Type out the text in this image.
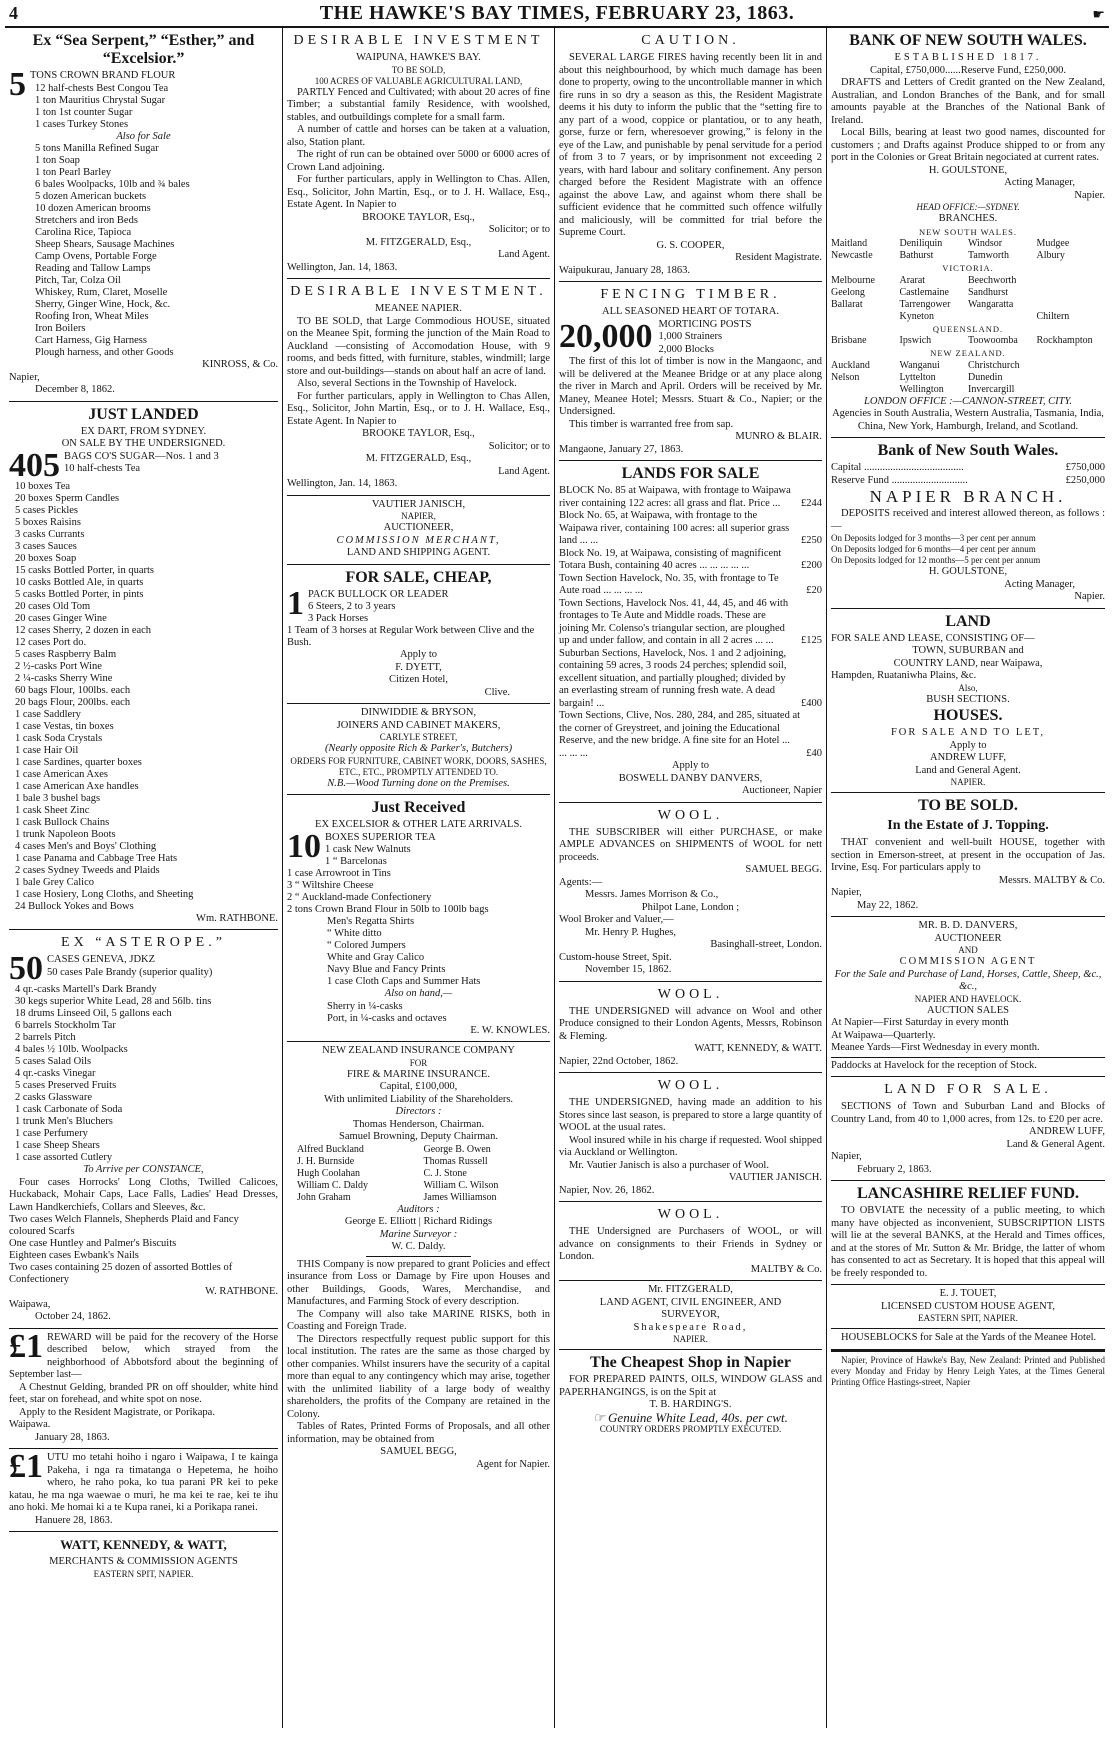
4	THE HAWKE'S BAY TIMES, FEBRUARY 23, 1863.	☛
Ex “Sea Serpent,” “Esther,” and “Excelsior.”
5 TONS CROWN BRAND FLOUR
12 half-chests Best Congou Tea
1 ton Mauritius Chrystal Sugar
1 ton 1st counter Sugar
1 cases Turkey Stones
Also for Sale
5 tons Manilla Refined Sugar
1 ton Soap
1 ton Pearl Barley
6 bales Woolpacks, 10lb and ¾ bales
5 dozen American buckets
10 dozen American brooms
Stretchers and iron Beds
Carolina Rice, Tapioca
Sheep Shears, Sausage Machines
Camp Ovens, Portable Forge
Reading and Tallow Lamps
Pitch, Tar, Colza Oil
Whiskey, Rum, Claret, Moselle
Sherry, Ginger Wine, Hock, &c.
Roofing Iron, Wheat Miles
Iron Boilers
Cart Harness, Gig Harness
Plough harness, and other Goods
KINROSS, & Co.
Napier,
December 8, 1862.
JUST LANDED
EX DART, FROM SYDNEY.
ON SALE BY THE UNDERSIGNED.
405 BAGS CO'S SUGAR—Nos. 1 and 3
10 half-chests Tea
10 boxes Tea
20 boxes Sperm Candles
5 cases Pickles
5 boxes Raisins
3 casks Currants
3 cases Sauces
20 boxes Soap
15 casks Bottled Porter, in quarts
10 casks Bottled Ale, in quarts
5 casks Bottled Porter, in pints
20 cases Old Tom
20 cases Ginger Wine
12 cases Sherry, 2 dozen in each
12 cases Port do.
5 cases Raspberry Balm
2 ½-casks Port Wine
2 ¼-casks Sherry Wine
60 bags Flour, 100lbs. each
20 bags Flour, 200lbs. each
1 case Saddlery
1 case Vestas, tin boxes
1 cask Soda Crystals
1 case Hair Oil
1 case Sardines, quarter boxes
1 case American Axes
1 case American Axe handles
1 bale 3 bushel bags
1 cask Sheet Zinc
1 cask Bullock Chains
1 trunk Napoleon Boots
4 cases Men's and Boys' Clothing
1 case Panama and Cabbage Tree Hats
2 cases Sydney Tweeds and Plaids
1 bale Grey Calico
1 case Hosiery, Long Cloths, and Sheeting
24 Bullock Yokes and Bows
Wm. RATHBONE.
EX “ASTEROPE.”
50 CASES GENEVA, JDKZ
50 cases Pale Brandy (superior quality)
4 qr.-casks Martell's Dark Brandy
30 kegs superior White Lead, 28 and 56lb. tins
18 drums Linseed Oil, 5 gallons each
6 barrels Stockholm Tar
2 barrels Pitch
4 bales ½ 10lb. Woolpacks
5 cases Salad Oils
4 qr.-casks Vinegar
5 cases Preserved Fruits
2 casks Glassware
1 cask Carbonate of Soda
1 trunk Men's Bluchers
1 case Perfumery
1 case Sheep Shears
1 case assorted Cutlery
To Arrive per CONSTANCE,

Four cases Horrocks' Long Cloths, Twilled Calicoes, Huckaback, Mohair Caps, Lace Falls, Ladies' Head Dresses, Lawn Handkerchiefs, Collars and Sleeves, &c.

Two cases Welch Flannels, Shepherds Plaid and Fancy coloured Scarfs
One case Huntley and Palmer's Biscuits
Eighteen cases Ewbank's Nails
Two cases containing 25 dozen of assorted Bottles of Confectionery
W. RATHBONE.
Waipawa,
October 24, 1862.

£1 REWARD will be paid for the recovery of the Horse described below, which strayed from the neighborhood of Abbotsford about the beginning of September last—

A Chestnut Gelding, branded PR on off shoulder, white hind feet, star on forehead, and white spot on nose.

Apply to the Resident Magistrate, or Porikapa.

Waipawa.
January 28, 1863.

£1 UTU mo tetahi hoiho i ngaro i Waipawa, I te kainga Pakeha, i nga ra timatanga o Hepetema, he hoiho whero, he raho poka, ko tua parani PR kei to peke katau, he ma nga waewae o muri, he ma kei te rae, kei te ihu ano hoki. Me homai ki a te Kupa ranei, ki a Porikapa ranei.

Hanuere 28, 1863.
WATT, KENNEDY, & WATT,
MERCHANTS & COMMISSION AGENTS
EASTERN SPIT, NAPIER.
DESIRABLE INVESTMENT
WAIPUNA, HAWKE'S BAY.
TO BE SOLD,
100 ACRES OF VALUABLE AGRICULTURAL LAND,

PARTLY Fenced and Cultivated; with about 20 acres of fine Timber; a substantial family Residence, with woolshed, stables, and outbuildings complete for a small farm.

A number of cattle and horses can be taken at a valuation, also, Station plant.

The right of run can be obtained over 5000 or 6000 acres of Crown Land adjoining.

For further particulars, apply in Wellington to Chas. Allen, Esq., Solicitor, John Martin, Esq., or to J. H. Wallace, Esq., Estate Agent. In Napier to

BROOKE TAYLOR, Esq.,
Solicitor; or to
M. FITZGERALD, Esq.,
Land Agent.
Wellington, Jan. 14, 1863.
DESIRABLE INVESTMENT.
MEANEE NAPIER.

TO BE SOLD, that Large Commodious HOUSE, situated on the Meanee Spit, forming the junction of the Main Road to Auckland —consisting of Accomodation House, with 9 rooms, and beds fitted, with furniture, stables, windmill; large store and out-buildings—stands on about half an acre of land.

Also, several Sections in the Township of Havelock.

For further particulars, apply in Wellington to Chas Allen, Esq., Solicitor, John Martin, Esq., or to J. H. Wallace, Esq., Estate Agent. In Napier to

BROOKE TAYLOR, Esq.,
Solicitor; or to
M. FITZGERALD, Esq.,
Land Agent.
Wellington, Jan. 14, 1863.
VAUTIER JANISCH,
NAPIER,
AUCTIONEER,
COMMISSION MERCHANT,
LAND AND SHIPPING AGENT.
FOR SALE, CHEAP,
1 PACK BULLOCK OR LEADER
6 Steers, 2 to 3 years
3 Pack Horses
1 Team of 3 horses at Regular Work between Clive and the Bush.
Apply to
F. DYETT,
Citizen Hotel,
Clive.
DINWIDDIE & BRYSON,
JOINERS AND CABINET MAKERS,
CARLYLE STREET,
(Nearly opposite Rich & Parker's, Butchers)
ORDERS FOR FURNITURE, CABINET WORK, DOORS, SASHES, ETC., ETC., PROMPTLY ATTENDED TO.
N.B.—Wood Turning done on the Premises.
Just Received
EX EXCELSIOR & OTHER LATE ARRIVALS.
10 BOXES SUPERIOR TEA
1 cask New Walnuts
1 “ Barcelonas
1 case Arrowroot in Tins
3 “ Wiltshire Cheese
2 “ Auckland-made Confectionery
2 tons Crown Brand Flour in 50lb to 100lb bags
Men's Regatta Shirts
“ White ditto
“ Colored Jumpers
White and Gray Calico
Navy Blue and Fancy Prints
1 case Cloth Caps and Summer Hats
Also on hand,—
Sherry in ¼-casks
Port, in ¼-casks and octaves
E. W. KNOWLES.
NEW ZEALAND INSURANCE COMPANY
FOR
FIRE & MARINE INSURANCE.
Capital, £100,000,
With unlimited Liability of the Shareholders.
Directors :
Thomas Henderson, Chairman.
Samuel Browning, Deputy Chairman.
Alfred Buckland	George B. Owen
J. H. Burnside	Thomas Russell
Hugh Coolahan	C. J. Stone
William C. Daldy	William C. Wilson
John Graham	James Williamson
Auditors :
George E. Elliott | Richard Ridings
Marine Surveyor :
W. C. Daldy.

THIS Company is now prepared to grant Policies and effect insurance from Loss or Damage by Fire upon Houses and other Buildings, Goods, Wares, Merchandise, and Manufactures, and Farming Stock of every description.

The Company will also take MARINE RISKS, both in Coasting and Foreign Trade.

The Directors respectfully request public support for this local institution. The rates are the same as those charged by other companies. Whilst insurers have the security of a capital more than equal to any contingency which may arise, together with the unlimited liability of a large body of wealthy shareholders, the profits of the Company are retained in the Colony.

Tables of Rates, Printed Forms of Proposals, and all other information, may be obtained from

SAMUEL BEGG,
Agent for Napier.
CAUTION.

SEVERAL LARGE FIRES having recently been lit in and about this neighbourhood, by which much damage has been done to property, owing to the uncontrollable manner in which fire runs in so dry a season as this, the Resident Magistrate deems it his duty to inform the public that the “setting fire to any part of a wood, coppice or plantatiou, or to any heath, gorse, furze or fern, wheresoever growing,” is felony in the eye of the Law, and punishable by penal servitude for a period of from 3 to 7 years, or by imprisonment not exceeding 2 years, with hard labour and solitary confinement. Any person charged before the Resident Magistrate with an offence against the above Law, and against whom there shall be sufficient evidence that he committed such offence wilfully and maliciously, will be committed for trial before the Supreme Court.

G. S. COOPER,
Resident Magistrate.
Waipukurau, January 28, 1863.
FENCING TIMBER.
ALL SEASONED HEART OF TOTARA.
20,000 MORTICING POSTS
1,000 Strainers
2,000 Blocks

The first of this lot of timber is now in the Mangaonc, and will be delivered at the Meanee Bridge or at any place along the river in March and April. Orders will be received by Mr. Maney, Meanee Hotel; Messrs. Stuart & Co., Napier; or the Undersigned.

This timber is warranted free from sap.

MUNRO & BLAIR.
Mangaone, January 27, 1863.
LANDS FOR SALE
BLOCK No. 85 at Waipawa, with frontage to Waipawa river containing 122 acres: all grass and flat. Price ...	£244
Block No. 65, at Waipawa, with frontage to the Waipawa river, containing 100 acres: all superior grass land ... ...	£250
Block No. 19, at Waipawa, consisting of magnificent Totara Bush, containing 40 acres ... ... ... ... ...	£200
Town Section Havelock, No. 35, with frontage to Te Aute road ... ... ... ...	£20
Town Sections, Havelock Nos. 41, 44, 45, and 46 with frontages to Te Aute and Middle roads. These are joining Mr. Colenso's triangular section, are ploughed up and under fallow, and contain in all 2 acres ... ...	£125
Suburban Sections, Havelock, Nos. 1 and 2 adjoining, containing 59 acres, 3 roods 24 perches; splendid soil, excellent situation, and partially ploughed; divided by an everlasting stream of running fresh wate. A dead bargain! ...	£400
Town Sections, Clive, Nos. 280, 284, and 285, situated at the corner of Greystreet, and joining the Educational Reserve, and the new bridge. A fine site for an Hotel ... ... ... ...	£40
Apply to
BOSWELL DANBY DANVERS,
Auctioneer, Napier
WOOL.

THE SUBSCRIBER will either PURCHASE, or make AMPLE ADVANCES on SHIPMENTS of WOOL for nett proceeds.

SAMUEL BEGG.
Agents:—
Messrs. James Morrison & Co.,
Philpot Lane, London ;
Wool Broker and Valuer,—
Mr. Henry P. Hughes,
Basinghall-street, London.
Custom-house Street, Spit.
November 15, 1862.
WOOL.

THE UNDERSIGNED will advance on Wool and other Produce consigned to their London Agents, Messrs, Robinson & Fleming.

WATT, KENNEDY, & WATT.
Napier, 22nd October, 1862.
WOOL.

THE UNDERSIGNED, having made an addition to his Stores since last season, is prepared to store a large quantity of WOOL at the usual rates.

Wool insured while in his charge if requested. Wool shipped via Auckland or Wellington.

Mr. Vautier Janisch is also a purchaser of Wool.

VAUTIER JANISCH.
Napier, Nov. 26, 1862.
WOOL.

THE Undersigned are Purchasers of WOOL, or will advance on consignments to their Friends in Sydney or London.

MALTBY & Co.
Mr. FITZGERALD,
LAND AGENT, CIVIL ENGINEER, AND
SURVEYOR,
Shakespeare Road,
NAPIER.
The Cheapest Shop in Napier

FOR PREPARED PAINTS, OILS, WINDOW GLASS and PAPERHANGINGS, is on the Spit at

T. B. HARDING'S.
☞ Genuine White Lead, 40s. per cwt.
COUNTRY ORDERS PROMPTLY EXECUTED.
BANK OF NEW SOUTH WALES.
ESTABLISHED 1817.
Capital, £750,000......Reserve Fund, £250,000.

DRAFTS and Letters of Credit granted on the New Zealand, Australian, and London Branches of the Bank, and for small amounts payable at the Branches of the National Bank of Ireland.

Local Bills, bearing at least two good names, discounted for customers ; and Drafts against Produce shipped to or from any port in the Colonies or Great Britain negociated at current rates.

H. GOULSTONE,
Acting Manager,
Napier.
HEAD OFFICE:—SYDNEY.
BRANCHES.
NEW SOUTH WALES.
Maitland	Deniliquin	Windsor	Mudgee
Newcastle	Bathurst	Tamworth	Albury
VICTORIA.
Melbourne	Ararat	Beechworth
Geelong	Castlemaine	Sandhurst
Ballarat	Tarrengower	Wangaratta
Kyneton	Chiltern
QUEENSLAND.
Brisbane	Ipswich	Toowoomba	Rockhampton
NEW ZEALAND.
Auckland	Wanganui	Christchurch
Nelson	Lyttelton	Dunedin
Wellington	Invercargill
LONDON OFFICE :—CANNON-STREET, CITY.

Agencies in South Australia, Western Australia, Tasmania, India, China, New York, Hamburgh, Ireland, and Scotland.

Bank of New South Wales.
Capital ......................................	£750,000
Reserve Fund .............................	£250,000
NAPIER BRANCH.

DEPOSITS received and interest allowed thereon, as follows :—

On Deposits lodged for 3 months—3 per cent per annum
On Deposits lodged for 6 months—4 per cent per annum
On Deposits lodged for 12 months—5 per cent per annum
H. GOULSTONE,
Acting Manager,
Napier.
LAND

FOR SALE AND LEASE, CONSISTING OF—

TOWN, SUBURBAN and
COUNTRY LAND, near Waipawa,
Hampden, Ruataniwha Plains, &c.
Also,
BUSH SECTIONS.
HOUSES.
FOR SALE AND TO LET,
Apply to
ANDREW LUFF,
Land and General Agent.
NAPIER.
TO BE SOLD.
In the Estate of J. Topping.

THAT convenient and well-built HOUSE, together with section in Emerson-street, at present in the occupation of Jas. Irvine, Esq. For particulars apply to

Messrs. MALTBY & Co.
Napier,
May 22, 1862.
MR. B. D. DANVERS,
AUCTIONEER
AND
COMMISSION AGENT
For the Sale and Purchase of Land, Horses, Cattle, Sheep, &c., &c.,
NAPIER AND HAVELOCK.
AUCTION SALES
At Napier—First Saturday in every month
At Waipawa—Quarterly.
Meanee Yards—First Wednesday in every month.
Paddocks at Havelock for the reception of Stock.
LAND FOR SALE.

SECTIONS of Town and Suburban Land and Blocks of Country Land, from 40 to 1,000 acres, from 12s. to £20 per acre.

ANDREW LUFF,
Land & General Agent.
Napier,
February 2, 1863.
LANCASHIRE RELIEF FUND.

TO OBVIATE the necessity of a public meeting, to which many have objected as inconvenient, SUBSCRIPTION LISTS will lie at the several BANKS, at the Herald and Times offices, and at the stores of Mr. Sutton & Mr. Bridge, the latter of whom has consented to act as Secretary. It is hoped that this appeal will be freely responded to.

E. J. TOUET,
LICENSED CUSTOM HOUSE AGENT,
EASTERN SPIT, NAPIER.

HOUSEBLOCKS for Sale at the Yards of the Meanee Hotel.

Napier, Province of Hawke's Bay, New Zealand: Printed and Published every Monday and Friday by Henry Leigh Yates, at the Times General Printing Office Hastings-street, Napier
